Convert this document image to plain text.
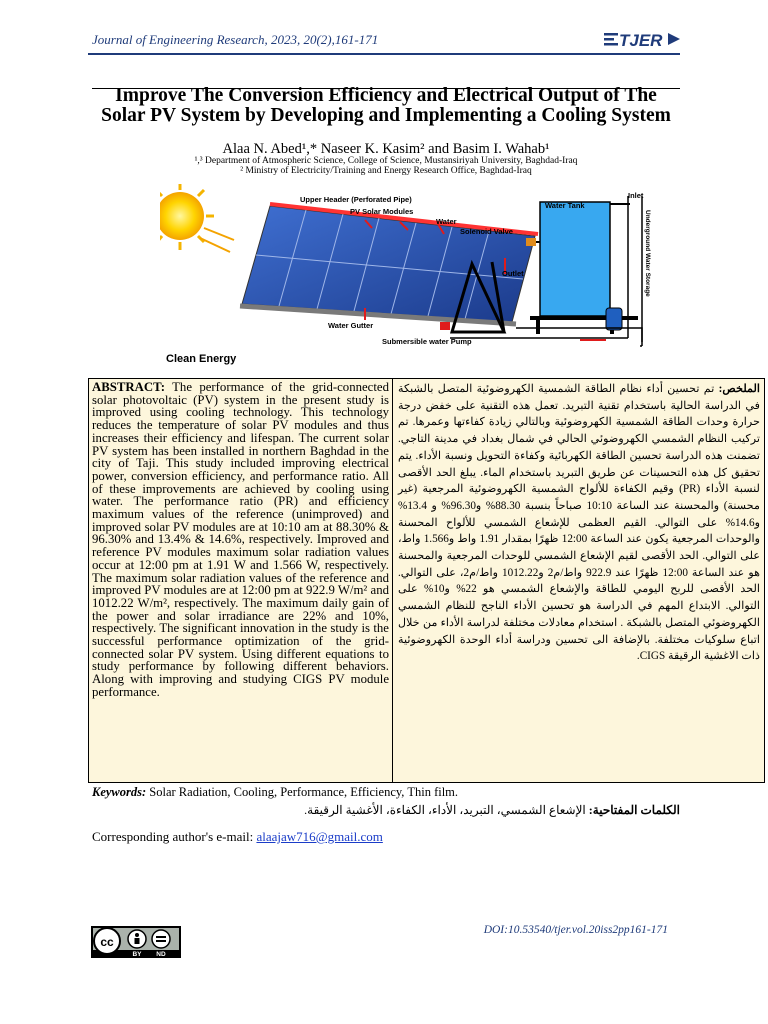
Journal of Engineering Research, 2023, 20(2),161-171	TJER
Improve The Conversion Efficiency and Electrical Output of The Solar PV System by Developing and Implementing a Cooling System
Alaa N. Abed¹,* Naseer K. Kasim² and Basim I. Wahab¹
¹,³ Department of Atmospheric Science, College of Science, Mustansiriyah University, Baghdad-Iraq
² Ministry of Electricity/Training and Energy Research Office, Baghdad-Iraq
Upper Header (Perforated Pipe)
PV Solar Modules
Water
Solenoid Valve
Outlet
Water Tank
Inlet
Underground Water Storage
Ground Surface Level
Water Gutter
Submersible water Pump
Clean Energy
ABSTRACT: The performance of the grid-connected solar photovoltaic (PV) system in the present study is improved using cooling technology. This technology reduces the temperature of solar PV modules and thus increases their efficiency and lifespan. The current solar PV system has been installed in northern Baghdad in the city of Taji. This study included improving electrical power, conversion efficiency, and performance ratio. All of these improvements are achieved by cooling using water. The performance ratio (PR) and efficiency maximum values of the reference (unimproved) and improved solar PV modules are at 10:10 am at 88.30% & 96.30% and 13.4% & 14.6%, respectively. Improved and reference PV modules maximum solar radiation values occur at 12:00 pm at 1.91 W and 1.566 W, respectively. The maximum solar radiation values of the reference and improved PV modules are at 12:00 pm at 922.9 W/m² and 1012.22 W/m², respectively. The maximum daily gain of the power and solar irradiance are 22% and 10%, respectively. The significant innovation in the study is the successful performance optimization of the grid-connected solar PV system. Using different equations to study performance by following different behaviors. Along with improving and studying CIGS PV module performance.
الملخص: تم تحسين أداء نظام الطاقة الشمسية الكهروضوئية المتصل بالشبكة في الدراسة الحالية باستخدام تقنية التبريد. تعمل هذه التقنية على خفض درجة حرارة وحدات الطاقة الشمسية الكهروضوئية وبالتالي زيادة كفاءتها وعمرها. تم تركيب النظام الشمسي الكهروضوئي الحالي في شمال بغداد في مدينة التاجي. تضمنت هذه الدراسة تحسين الطاقة الكهربائية وكفاءة التحويل ونسبة الأداء. يتم تحقيق كل هذه التحسينات عن طريق التبريد باستخدام الماء. يبلغ الحد الأقصى لنسبة الأداء (PR) وقيم الكفاءة للألواح الشمسية الكهروضوئية المرجعية (غير محسنة) والمحسنة عند الساعة 10:10 صباحاً بنسبة 88.30% و96.30% و 13.4% و14.6% على التوالي. القيم العظمى للإشعاع الشمسي للألواح المحسنة والوحدات المرجعية يكون عند الساعة 12:00 ظهرًا بمقدار 1.91 واط و1.566 واط، على التوالي. الحد الأقصى لقيم الإشعاع الشمسي للوحدات المرجعية والمحسنة هو عند الساعة 12:00 ظهرًا عند 922.9 واط/م2 و1012.22 واط/م2، على التوالي. الحد الأقصى للربح اليومي للطاقة والإشعاع الشمسي هو 22% و10% على التوالي. الابتداع المهم في الدراسة هو تحسين الأداء الناجح للنظام الشمسي الكهروضوئي المتصل بالشبكة . استخدام معادلات مختلفة لدراسة الأداء من خلال اتباع سلوكيات مختلفة. بالإضافة الى تحسين ودراسة أداء الوحدة الكهروضوئية ذات الاغشية الرقيقة CIGS.
Keywords: Solar Radiation, Cooling, Performance, Efficiency, Thin film.
الكلمات المفتاحية: الإشعاع الشمسي، التبريد، الأداء، الكفاءة، الأغشية الرقيقة.
Corresponding author's e-mail: alaajaw716@gmail.com
cc
BY ND
DOI:10.53540/tjer.vol.20iss2pp161-171
